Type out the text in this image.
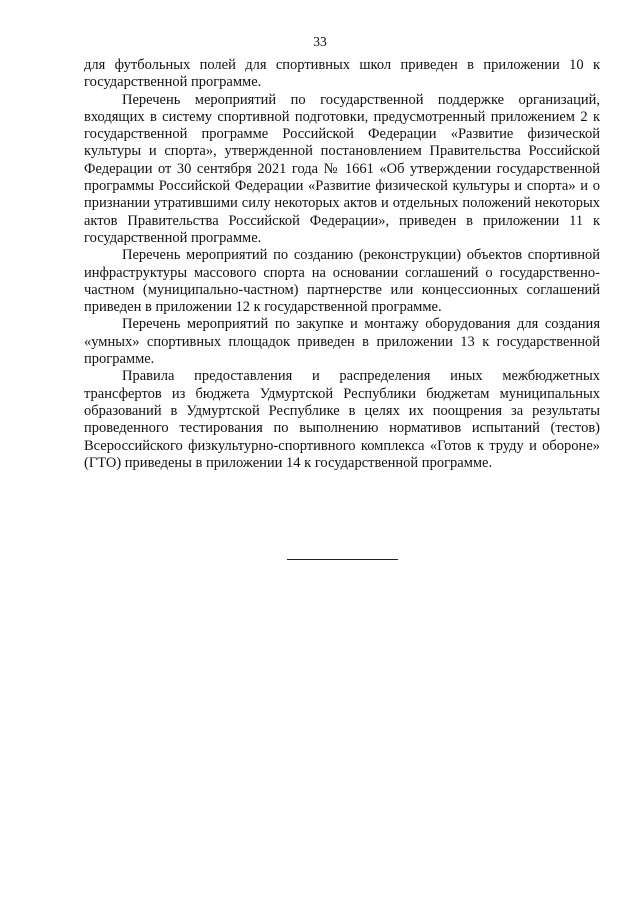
33

для футбольных полей для спортивных школ приведен в приложении 10 к государственной программе.

Перечень мероприятий по государственной поддержке организаций, входящих в систему спортивной подготовки, предусмотренный приложением 2 к государственной программе Российской Федерации «Развитие физической культуры и спорта», утвержденной постановлением Правительства Российской Федерации от 30 сентября 2021 года № 1661 «Об утверждении государственной программы Российской Федерации «Развитие физической культуры и спорта» и о признании утратившими силу некоторых актов и отдельных положений некоторых актов Правительства Российской Федерации», приведен в приложении 11 к государственной программе.

Перечень мероприятий по созданию (реконструкции) объектов спортивной инфраструктуры массового спорта на основании соглашений о государственно-частном (муниципально-частном) партнерстве или концессионных соглашений приведен в приложении 12 к государственной программе.

Перечень мероприятий по закупке и монтажу оборудования для создания «умных» спортивных площадок приведен в приложении 13 к государственной программе.

Правила предоставления и распределения иных межбюджетных трансфертов из бюджета Удмуртской Республики бюджетам муниципальных образований в Удмуртской Республике в целях их поощрения за результаты проведенного тестирования по выполнению нормативов испытаний (тестов) Всероссийского физкультурно-спортивного комплекса «Готов к труду и обороне» (ГТО) приведены в приложении 14 к государственной программе.
